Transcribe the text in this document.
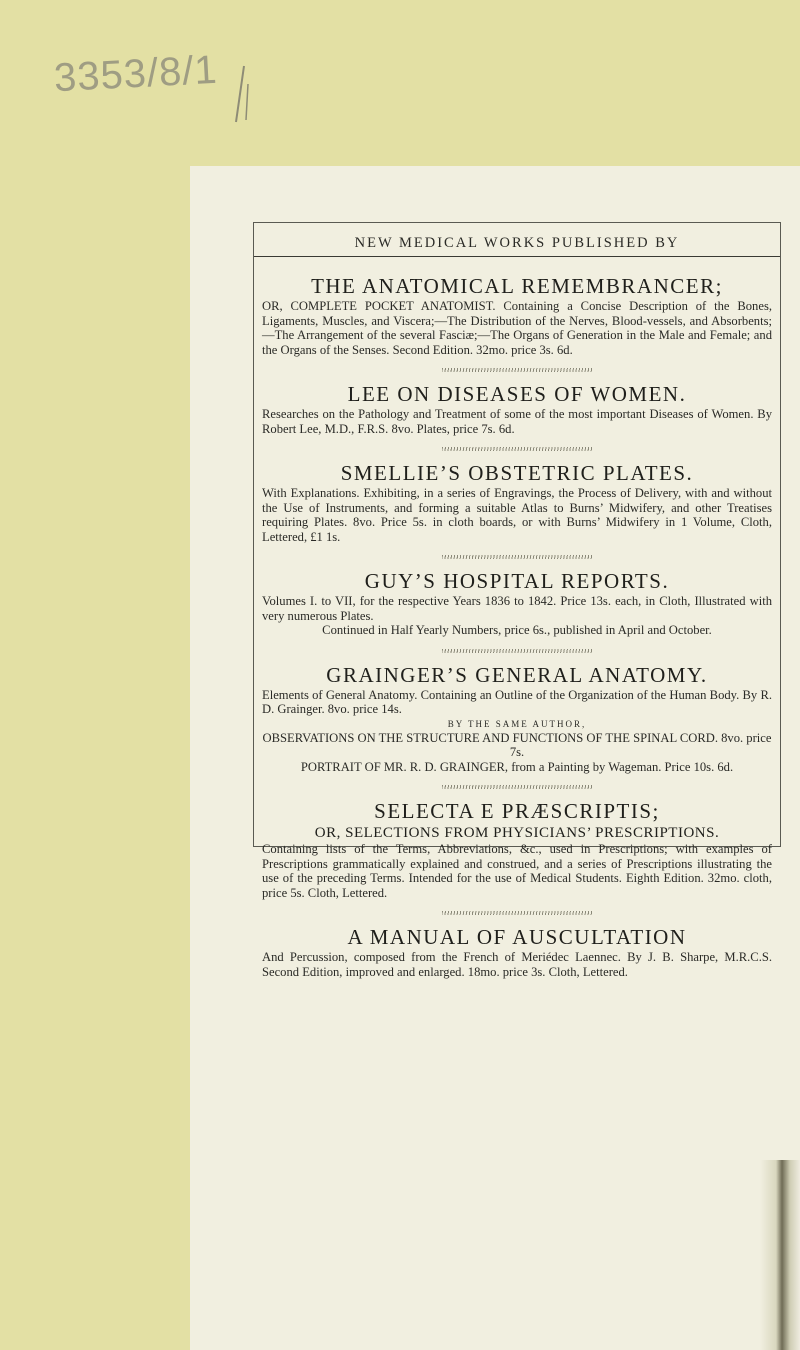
3353/8/1
NEW MEDICAL WORKS PUBLISHED BY
THE ANATOMICAL REMEMBRANCER;

OR, COMPLETE POCKET ANATOMIST. Containing a Concise Description of the Bones, Ligaments, Muscles, and Viscera;—The Distribution of the Nerves, Blood-vessels, and Absorbents;—The Arrangement of the several Fasciæ;—The Organs of Generation in the Male and Female; and the Organs of the Senses. Second Edition. 32mo. price 3s. 6d.

LEE ON DISEASES OF WOMEN.

Researches on the Pathology and Treatment of some of the most important Diseases of Women. By Robert Lee, M.D., F.R.S. 8vo. Plates, price 7s. 6d.

SMELLIE’S OBSTETRIC PLATES.

With Explanations. Exhibiting, in a series of Engravings, the Process of Delivery, with and without the Use of Instruments, and forming a suitable Atlas to Burns’ Midwifery, and other Treatises requiring Plates. 8vo. Price 5s. in cloth boards, or with Burns’ Midwifery in 1 Volume, Cloth, Lettered, £1 1s.

GUY’S HOSPITAL REPORTS.

Volumes I. to VII, for the respective Years 1836 to 1842. Price 13s. each, in Cloth, Illustrated with very numerous Plates.

Continued in Half Yearly Numbers, price 6s., published in April and October.

GRAINGER’S GENERAL ANATOMY.

Elements of General Anatomy. Containing an Outline of the Organization of the Human Body. By R. D. Grainger. 8vo. price 14s.

BY THE SAME AUTHOR,

OBSERVATIONS ON THE STRUCTURE AND FUNCTIONS OF THE SPINAL CORD. 8vo. price 7s.

PORTRAIT OF MR. R. D. GRAINGER, from a Painting by Wageman. Price 10s. 6d.

SELECTA E PRÆSCRIPTIS;
OR, SELECTIONS FROM PHYSICIANS’ PRESCRIPTIONS.

Containing lists of the Terms, Abbreviations, &c., used in Prescriptions; with examples of Prescriptions grammatically explained and construed, and a series of Prescriptions illustrating the use of the preceding Terms. Intended for the use of Medical Students. Eighth Edition. 32mo. cloth, price 5s. Cloth, Lettered.

A MANUAL OF AUSCULTATION

And Percussion, composed from the French of Meriédec Laennec. By J. B. Sharpe, M.R.C.S. Second Edition, improved and enlarged. 18mo. price 3s. Cloth, Lettered.
